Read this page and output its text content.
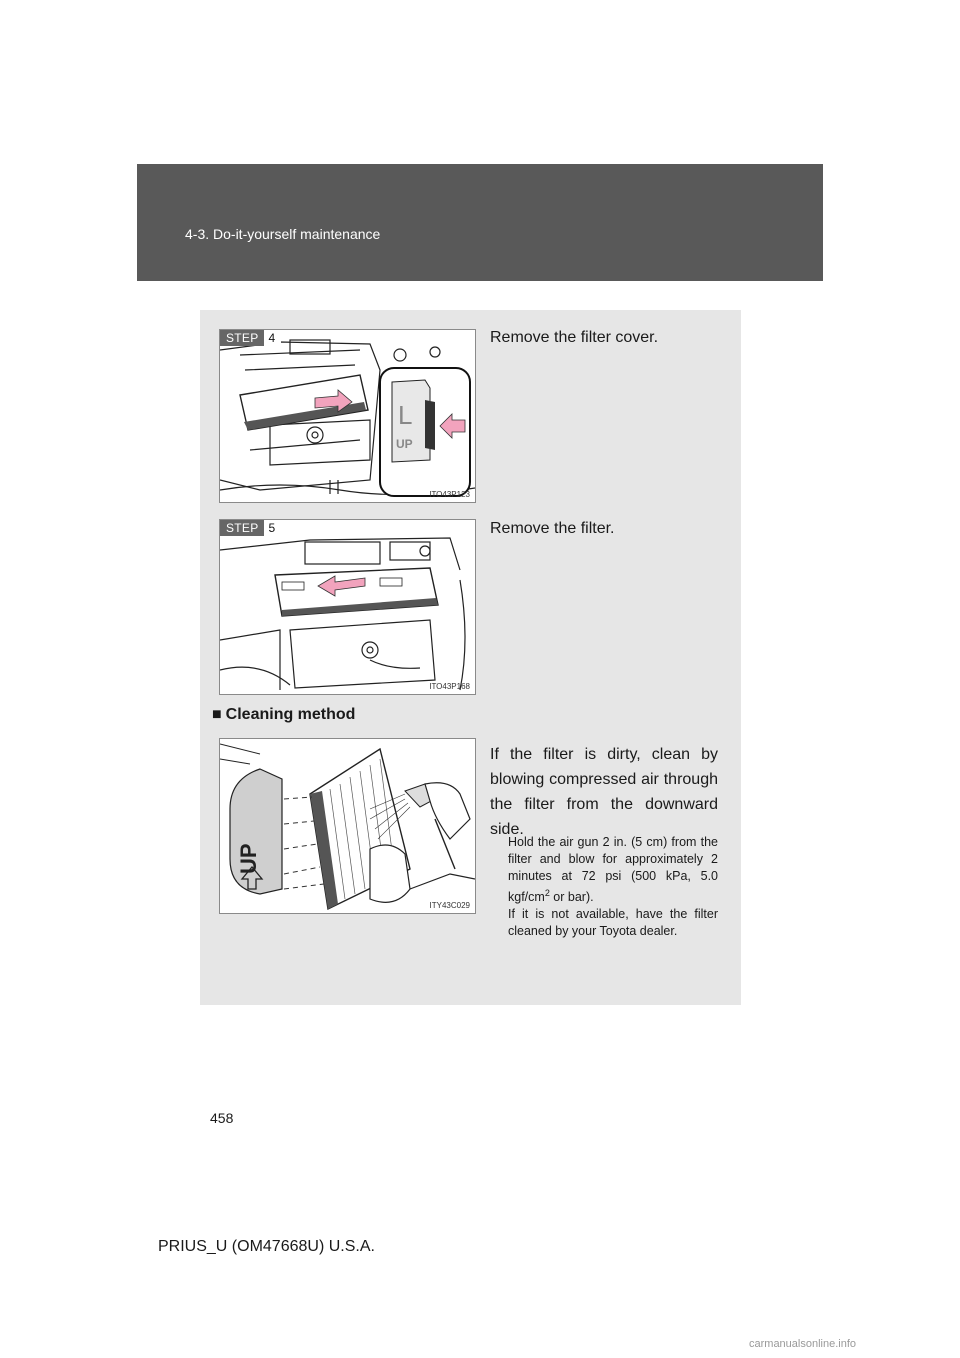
4-3. Do-it-yourself maintenance
L
UP
STEP 4
ITO43P123
Remove the filter cover.
STEP 5
ITO43P168
Remove the filter.
■ Cleaning method
UP
ITY43C029
If the filter is dirty, clean by blowing compressed air through the filter from the downward side.
Hold the air gun 2 in. (5 cm) from the filter and blow for approximately 2 minutes at 72 psi (500 kPa, 5.0 kgf/$cm^2$ or bar).
If it is not available, have the filter cleaned by your Toyota dealer.
458
PRIUS_U (OM47668U) U.S.A.
carmanualsonline.info
